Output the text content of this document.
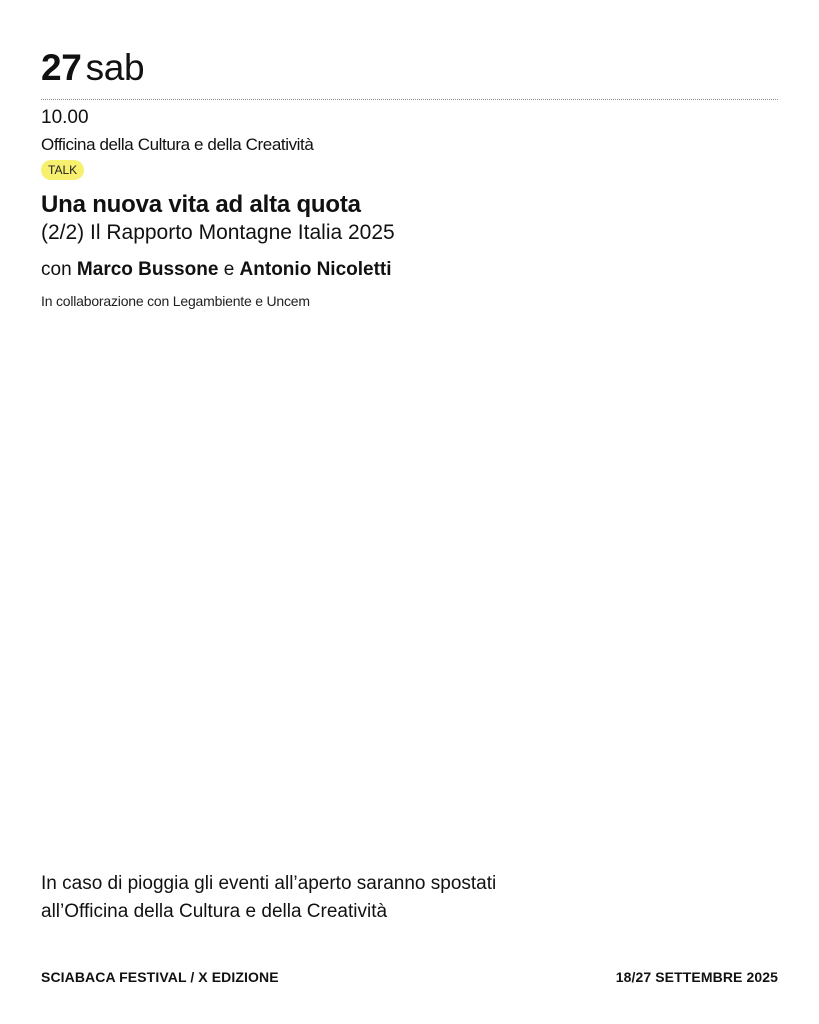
27 sab
10.00
Officina della Cultura e della Creatività
TALK
Una nuova vita ad alta quota
(2/2) Il Rapporto Montagne Italia 2025
con Marco Bussone e Antonio Nicoletti
In collaborazione con Legambiente e Uncem
In caso di pioggia gli eventi all’aperto saranno spostati
all’Officina della Cultura e della Creatività
SCIABACA FESTIVAL / X EDIZIONE	18/27 SETTEMBRE 2025
